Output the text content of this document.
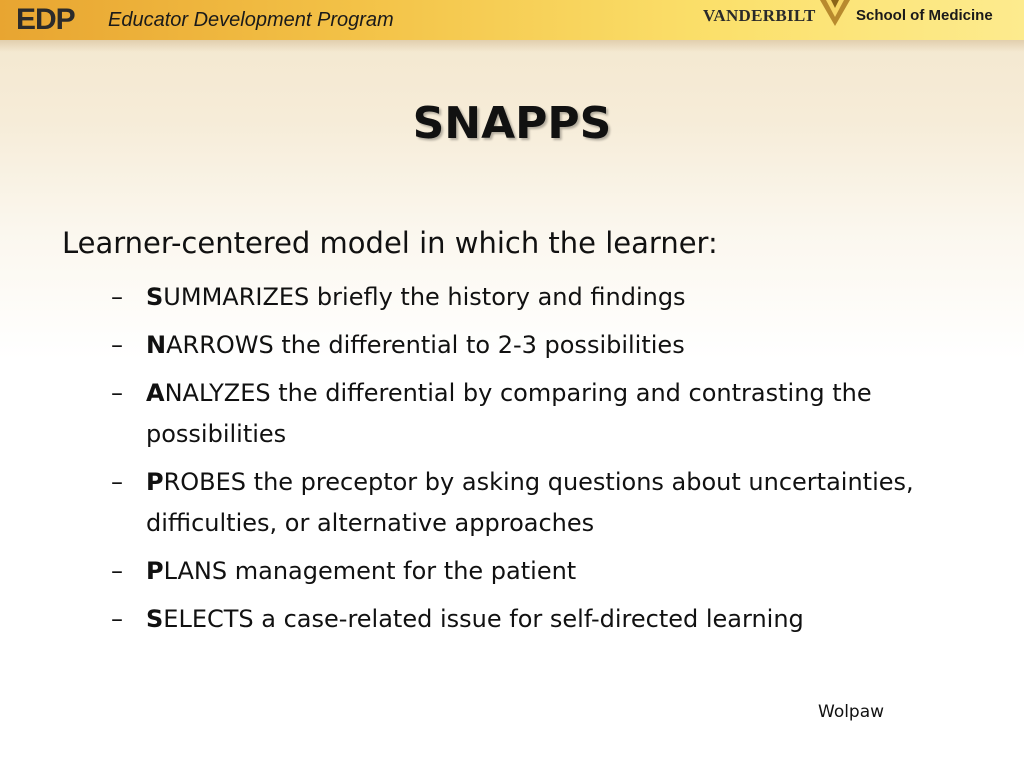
EDP Educator Development Program	VANDERBILT	School of Medicine
SNAPPS
Learner-centered model in which the learner:
– SUMMARIZES briefly the history and findings
– NARROWS the differential to 2-3 possibilities
– ANALYZES the differential by comparing and contrasting the possibilities
– PROBES the preceptor by asking questions about uncertainties, difficulties, or alternative approaches
– PLANS management for the patient
– SELECTS a case-related issue for self-directed learning
Wolpaw
